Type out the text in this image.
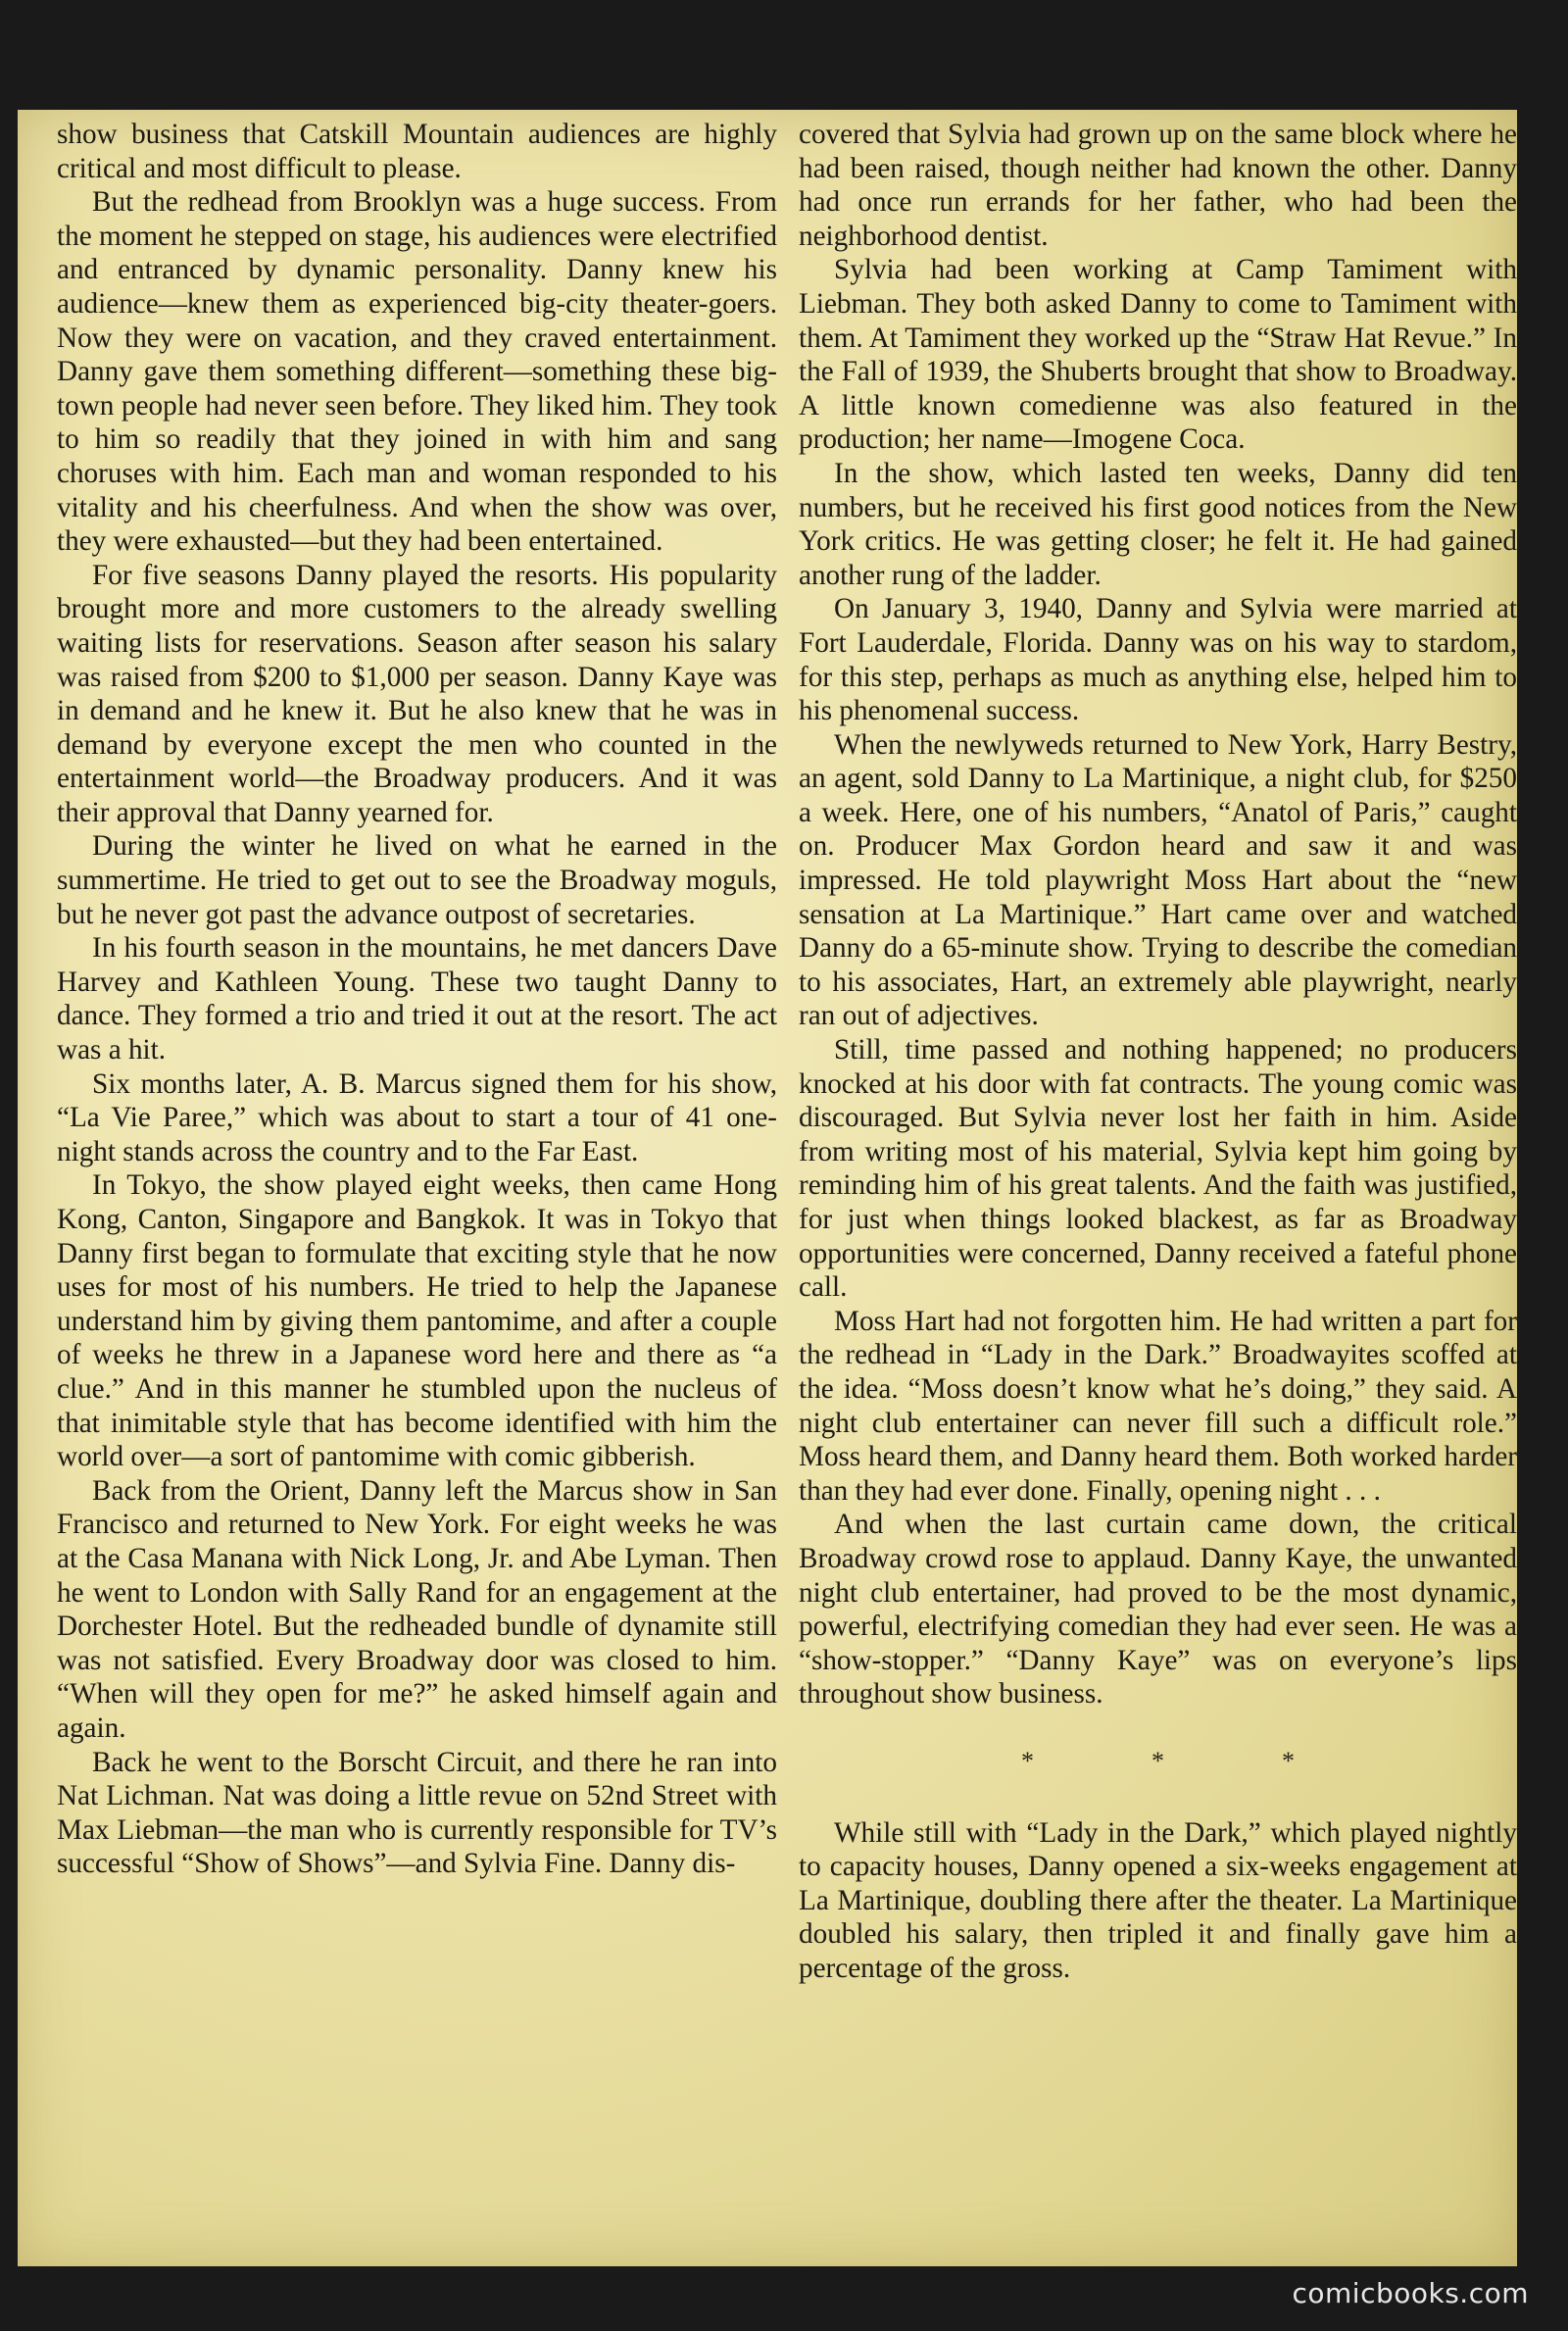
show business that Catskill Mountain audiences are highly critical and most difficult to please.

But the redhead from Brooklyn was a huge success. From the moment he stepped on stage, his audiences were electrified and entranced by dynamic personality. Danny knew his audience—knew them as experienced big-city theater-goers. Now they were on vacation, and they craved entertainment. Danny gave them something different—something these big-town people had never seen before. They liked him. They took to him so readily that they joined in with him and sang choruses with him. Each man and woman responded to his vitality and his cheerfulness. And when the show was over, they were exhausted—but they had been entertained.

For five seasons Danny played the resorts. His popularity brought more and more customers to the already swelling waiting lists for reservations. Season after season his salary was raised from $200 to $1,000 per season. Danny Kaye was in demand and he knew it. But he also knew that he was in demand by everyone except the men who counted in the entertainment world—the Broadway producers. And it was their approval that Danny yearned for.

During the winter he lived on what he earned in the summertime. He tried to get out to see the Broadway moguls, but he never got past the advance outpost of secretaries.

In his fourth season in the mountains, he met dancers Dave Harvey and Kathleen Young. These two taught Danny to dance. They formed a trio and tried it out at the resort. The act was a hit.

Six months later, A. B. Marcus signed them for his show, “La Vie Paree,” which was about to start a tour of 41 one-night stands across the country and to the Far East.

In Tokyo, the show played eight weeks, then came Hong Kong, Canton, Singapore and Bangkok. It was in Tokyo that Danny first began to formulate that exciting style that he now uses for most of his numbers. He tried to help the Japanese understand him by giving them pantomime, and after a couple of weeks he threw in a Japanese word here and there as “a clue.” And in this manner he stumbled upon the nucleus of that inimitable style that has become identified with him the world over—a sort of pantomime with comic gibberish.

Back from the Orient, Danny left the Marcus show in San Francisco and returned to New York. For eight weeks he was at the Casa Manana with Nick Long, Jr. and Abe Lyman. Then he went to London with Sally Rand for an engagement at the Dorchester Hotel. But the redheaded bundle of dynamite still was not satisfied. Every Broadway door was closed to him. “When will they open for me?” he asked himself again and again.

Back he went to the Borscht Circuit, and there he ran into Nat Lichman. Nat was doing a little revue on 52nd Street with Max Liebman—the man who is currently responsible for TV’s successful “Show of Shows”—and Sylvia Fine. Danny dis-

covered that Sylvia had grown up on the same block where he had been raised, though neither had known the other. Danny had once run errands for her father, who had been the neighborhood dentist.

Sylvia had been working at Camp Tamiment with Liebman. They both asked Danny to come to Tamiment with them. At Tamiment they worked up the “Straw Hat Revue.” In the Fall of 1939, the Shuberts brought that show to Broadway. A little known comedienne was also featured in the production; her name—Imogene Coca.

In the show, which lasted ten weeks, Danny did ten numbers, but he received his first good notices from the New York critics. He was getting closer; he felt it. He had gained another rung of the ladder.

On January 3, 1940, Danny and Sylvia were married at Fort Lauderdale, Florida. Danny was on his way to stardom, for this step, perhaps as much as anything else, helped him to his phenomenal success.

When the newlyweds returned to New York, Harry Bestry, an agent, sold Danny to La Martinique, a night club, for $250 a week. Here, one of his numbers, “Anatol of Paris,” caught on. Producer Max Gordon heard and saw it and was impressed. He told playwright Moss Hart about the “new sensation at La Martinique.” Hart came over and watched Danny do a 65-minute show. Trying to describe the comedian to his associates, Hart, an extremely able playwright, nearly ran out of adjectives.

Still, time passed and nothing happened; no producers knocked at his door with fat contracts. The young comic was discouraged. But Sylvia never lost her faith in him. Aside from writing most of his material, Sylvia kept him going by reminding him of his great talents. And the faith was justified, for just when things looked blackest, as far as Broadway opportunities were concerned, Danny received a fateful phone call.

Moss Hart had not forgotten him. He had written a part for the redhead in “Lady in the Dark.” Broadwayites scoffed at the idea. “Moss doesn’t know what he’s doing,” they said. A night club entertainer can never fill such a difficult role.” Moss heard them, and Danny heard them. Both worked harder than they had ever done. Finally, opening night . . .

And when the last curtain came down, the critical Broadway crowd rose to applaud. Danny Kaye, the unwanted night club entertainer, had proved to be the most dynamic, powerful, electrifying comedian they had ever seen. He was a “show-stopper.” “Danny Kaye” was on everyone’s lips throughout show business.

*	*	*

While still with “Lady in the Dark,” which played nightly to capacity houses, Danny opened a six-weeks engagement at La Martinique, doubling there after the theater. La Martinique doubled his salary, then tripled it and finally gave him a percentage of the gross.

comicbooks.com
